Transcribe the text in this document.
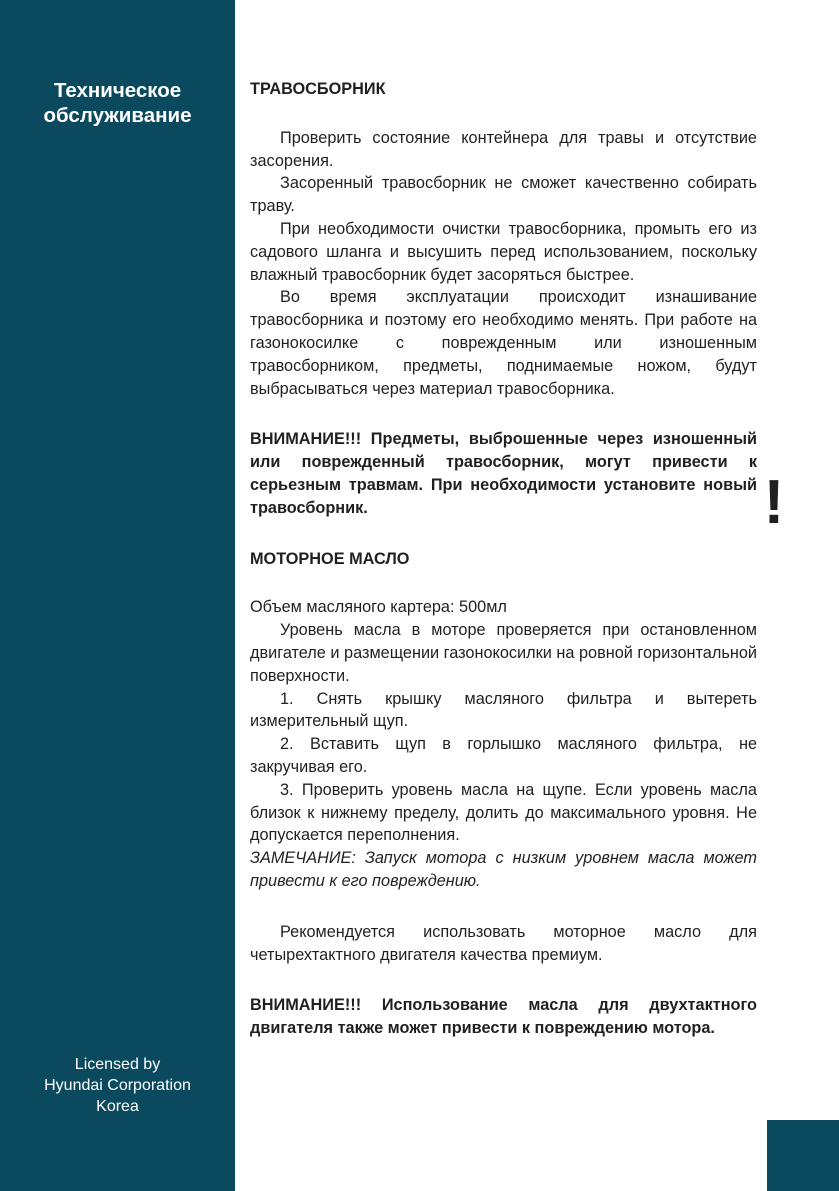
Техническое
обслуживание
Licensed by
Hyundai Corporation
Korea

ТРАВОСБОРНИК

Проверить состояние контейнера для травы и отсутствие засорения.

Засоренный травосборник не сможет качественно собирать траву.

При необходимости очистки травосборника, промыть его из садового шланга и высушить перед использованием, поскольку влажный травосборник будет засоряться быстрее.

Во время эксплуатации происходит изнашивание травосборника и поэтому его необходимо менять. При работе на газонокосилке с поврежденным или изношенным травосборником, предметы, поднимаемые ножом, будут выбрасываться через материал травосборника.

ВНИМАНИЕ!!! Предметы, выброшенные через изношенный или поврежденный травосборник, могут привести к серьезным травмам. При необходимости установите новый травосборник.

МОТОРНОЕ МАСЛО

Объем масляного картера: 500мл

Уровень масла в моторе проверяется при остановленном двигателе и размещении газонокосилки на ровной горизонтальной поверхности.

1. Снять крышку масляного фильтра и вытереть измерительный щуп.

2. Вставить щуп в горлышко масляного фильтра, не закручивая его.

3. Проверить уровень масла на щупе. Если уровень масла близок к нижнему пределу, долить до максимального уровня. Не допускается переполнения.

ЗАМЕЧАНИЕ: Запуск мотора с низким уровнем масла может привести к его повреждению.

Рекомендуется использовать моторное масло для четырехтактного двигателя качества премиум.

ВНИМАНИЕ!!! Использование масла для двухтактного двигателя также может привести к повреждению мотора.

!
